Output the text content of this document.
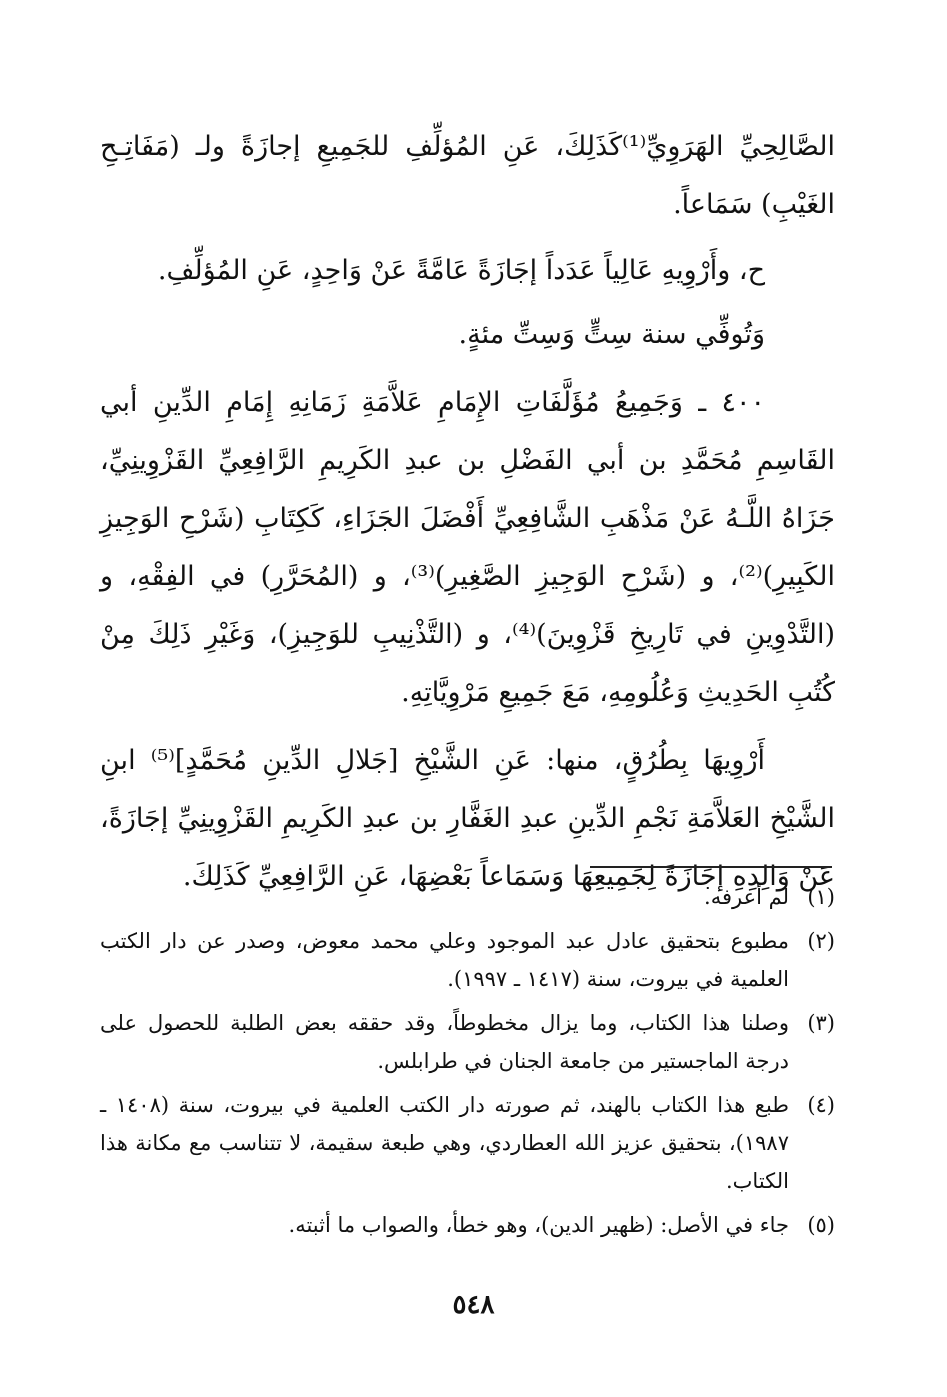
الصَّالِحِيِّ الهَرَوِيِّ⁽¹⁾كَذَلِكَ، عَنِ المُؤلِّفِ للجَمِيعِ إجازَةً ولـ (مَفَاتِـحِ الغَيْبِ) سَمَاعاً.

ح، وأَرْوِيهِ عَالِياً عَدَداً إجَازَةً عَامَّةً عَنْ وَاحِدٍ، عَنِ المُؤلِّفِ.

وَتُوفِّي سنة سِتٍّ وَسِتِّ مئةٍ.

٤٠٠ ـ وَجَمِيعُ مُؤَلَّفَاتِ الإِمَامِ عَلاَّمَةِ زَمَانِهِ إِمَامِ الدِّينِ أبي القَاسِمِ مُحَمَّدِ بن أبي الفَضْلِ بن عبدِ الكَرِيمِ الرَّافِعِيِّ القَزْوِينِيِّ، جَزَاهُ اللَّـهُ عَنْ مَذْهَبِ الشَّافِعِيِّ أَفْضَلَ الجَزَاءِ، كَكِتَابِ (شَرْحِ الوَجِيزِ الكَبِيرِ)⁽²⁾، و (شَرْحِ الوَجِيزِ الصَّغِيرِ)⁽³⁾، و (المُحَرَّرِ) في الفِقْهِ، و (التَّدْوِينِ في تَارِيخِ قَزْوِينَ)⁽⁴⁾، و (التَّذْنِيبِ للوَجِيزِ)، وَغَيْرِ ذَلِكَ مِنْ كُتُبِ الحَدِيثِ وَعُلُومِهِ، مَعَ جَمِيعِ مَرْوِيَّاتِهِ.

أَرْوِيهَا بِطُرُقٍ، منها: عَنِ الشَّيْخِ [جَلالِ الدِّينِ مُحَمَّدٍ]⁽⁵⁾ ابنِ الشَّيْخِ العَلاَّمَةِ نَجْمِ الدِّينِ عبدِ الغَفَّارِ بن عبدِ الكَرِيمِ القَزْوِينِيِّ إجَازَةً، عَنْ وَالِدِهِ إجَازَةً لِجَمِيعِهَا وَسَمَاعاً بَعْضِهَا، عَنِ الرَّافِعِيِّ كَذَلِكَ.

(١)
لم أعرفه.
(٢)
مطبوع بتحقيق عادل عبد الموجود وعلي محمد معوض، وصدر عن دار الكتب العلمية في بيروت، سنة (١٤١٧ ـ ١٩٩٧).
(٣)
وصلنا هذا الكتاب، وما يزال مخطوطاً، وقد حققه بعض الطلبة للحصول على درجة الماجستير من جامعة الجنان في طرابلس.
(٤)
طبع هذا الكتاب بالهند، ثم صورته دار الكتب العلمية في بيروت، سنة (١٤٠٨ ـ ١٩٨٧)، بتحقيق عزيز الله العطاردي، وهي طبعة سقيمة، لا تتناسب مع مكانة هذا الكتاب.
(٥)
جاء في الأصل: (ظهير الدين)، وهو خطأ، والصواب ما أثبته.
٥٤٨
